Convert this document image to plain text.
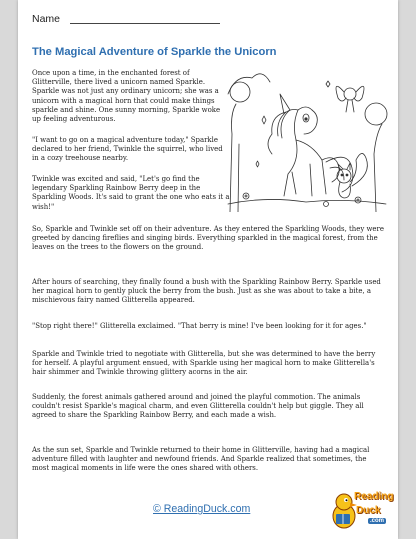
Name
The Magical Adventure of Sparkle the Unicorn

Once upon a time, in the enchanted forest of Glitterville, there lived a unicorn named Sparkle. Sparkle was not just any ordinary unicorn; she was a unicorn with a magical horn that could make things sparkle and shine. One sunny morning, Sparkle woke up feeling adventurous.

"I want to go on a magical adventure today," Sparkle declared to her friend, Twinkle the squirrel, who lived in a cozy treehouse nearby.

Twinkle was excited and said, "Let's go find the legendary Sparkling Rainbow Berry deep in the Sparkling Woods. It's said to grant the one who eats it a wish!"

So, Sparkle and Twinkle set off on their adventure. As they entered the Sparkling Woods, they were greeted by dancing fireflies and singing birds. Everything sparkled in the magical forest, from the leaves on the trees to the flowers on the ground.

After hours of searching, they finally found a bush with the Sparkling Rainbow Berry. Sparkle used her magical horn to gently pluck the berry from the bush. Just as she was about to take a bite, a mischievous fairy named Glitterella appeared.

"Stop right there!" Glitterella exclaimed. "That berry is mine! I've been looking for it for ages."

Sparkle and Twinkle tried to negotiate with Glitterella, but she was determined to have the berry for herself. A playful argument ensued, with Sparkle using her magical horn to make Glitterella's hair shimmer and Twinkle throwing glittery acorns in the air.

Suddenly, the forest animals gathered around and joined the playful commotion. The animals couldn't resist Sparkle's magical charm, and even Glitterella couldn't help but giggle. They all agreed to share the Sparkling Rainbow Berry, and each made a wish.

As the sun set, Sparkle and Twinkle returned to their home in Glitterville, having had a magical adventure filled with laughter and newfound friends. And Sparkle realized that sometimes, the most magical moments in life were the ones shared with others.

© ReadingDuck.com
Reading
Duck
.com
